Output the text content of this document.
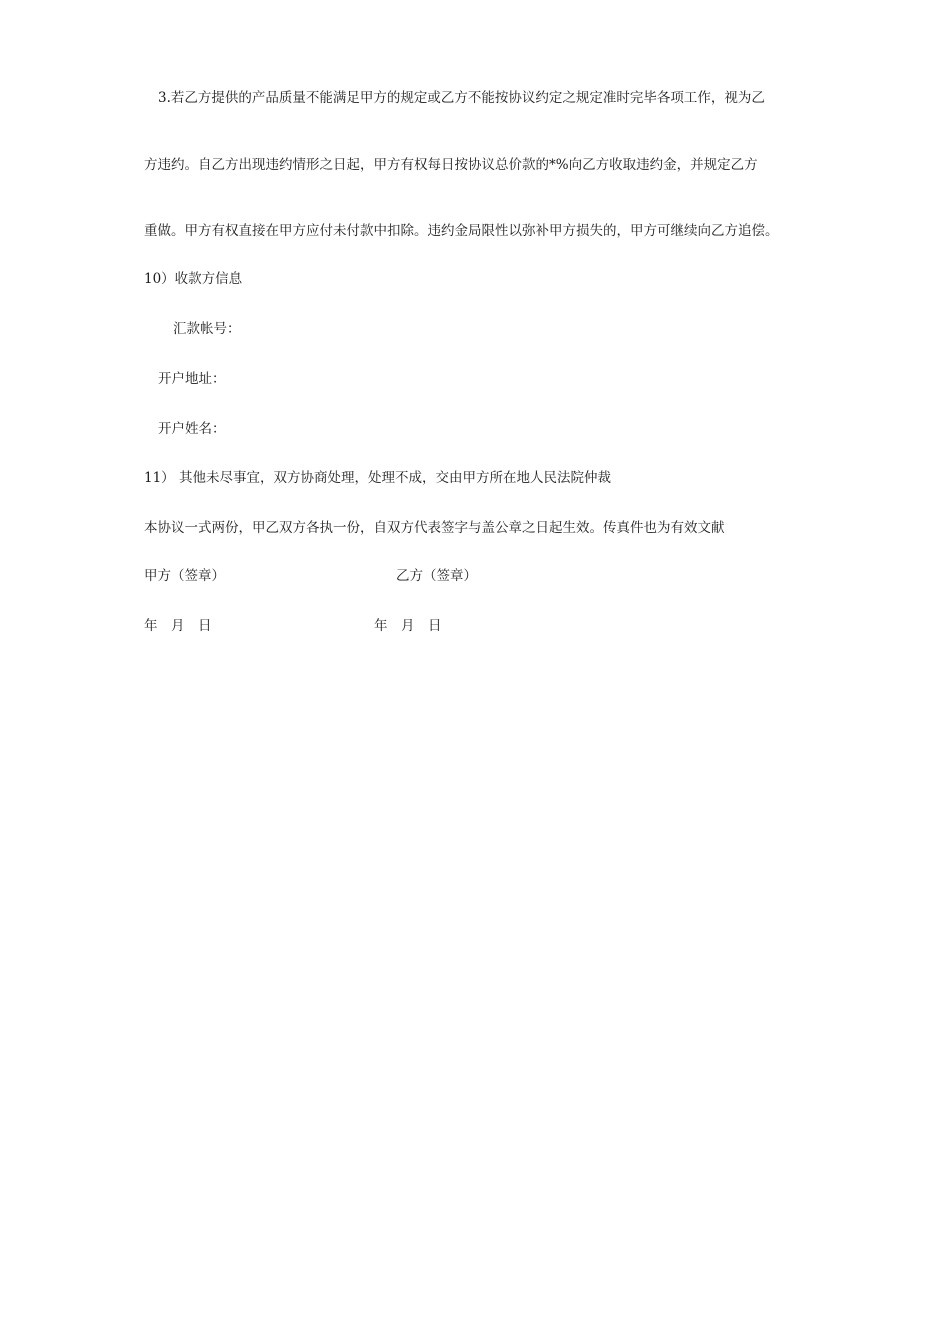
3.若乙方提供的产品质量不能满足甲方的规定或乙方不能按协议约定之规定准时完毕各项工作，视为乙
方违约。自乙方出现违约情形之日起，甲方有权每日按协议总价款的*%向乙方收取违约金，并规定乙方
重做。甲方有权直接在甲方应付未付款中扣除。违约金局限性以弥补甲方损失的，甲方可继续向乙方追偿。
10）收款方信息
汇款帐号：
开户地址：
开户姓名：
11） 其他未尽事宜，双方协商处理，处理不成，交由甲方所在地人民法院仲裁
本协议一式两份，甲乙双方各执一份，自双方代表签字与盖公章之日起生效。传真件也为有效文献
甲方（签章）	乙方（签章）
年　月　日	年　月　日
